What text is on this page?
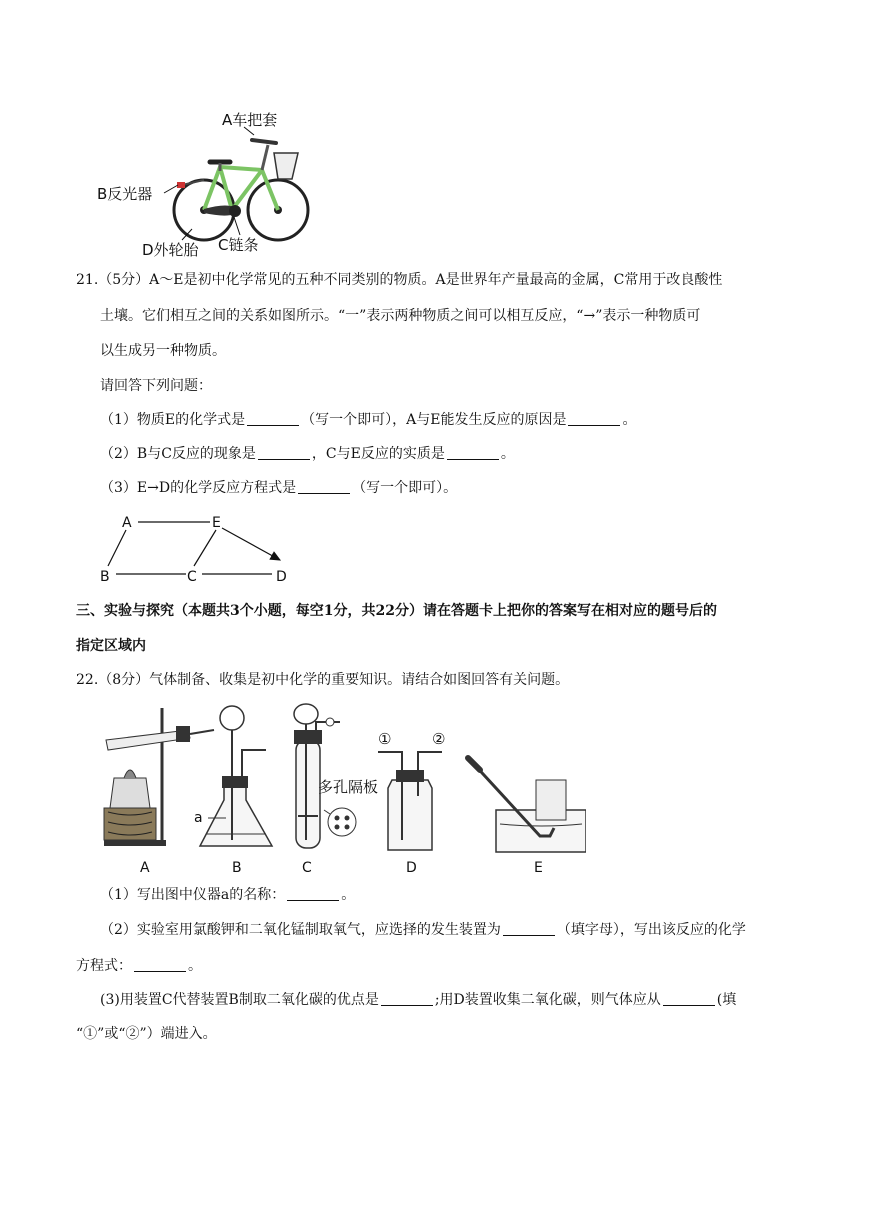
A车把套
B反光器
D外轮胎 C链条
21.（5分）A～E是初中化学常见的五种不同类别的物质。A是世界年产量最高的金属，C常用于改良酸性
土壤。它们相互之间的关系如图所示。“一”表示两种物质之间可以相互反应，“→”表示一种物质可
以生成另一种物质。
请回答下列问题：
（1）物质E的化学式是	（写一个即可），A与E能发生反应的原因是	。
（2）B与C反应的现象是	，C与E反应的实质是	。
（3）E→D的化学反应方程式是	（写一个即可）。
A	E
B	C	D
三、实验与探究（本题共3个小题，每空1分，共22分）请在答题卡上把你的答案写在相对应的题号后的
指定区域内
22.（8分）气体制备、收集是初中化学的重要知识。请结合如图回答有关问题。
a
多孔隔板
①	②
A	B	C	D	E
（1）写出图中仪器a的名称：	。
（2）实验室用氯酸钾和二氧化锰制取氧气，应选择的发生装置为	（填字母），写出该反应的化学
方程式：	。
(3)用装置C代替装置B制取二氧化碳的优点是	;用D装置收集二氧化碳，则气体应从	(填
“①”或“②”）端进入。
